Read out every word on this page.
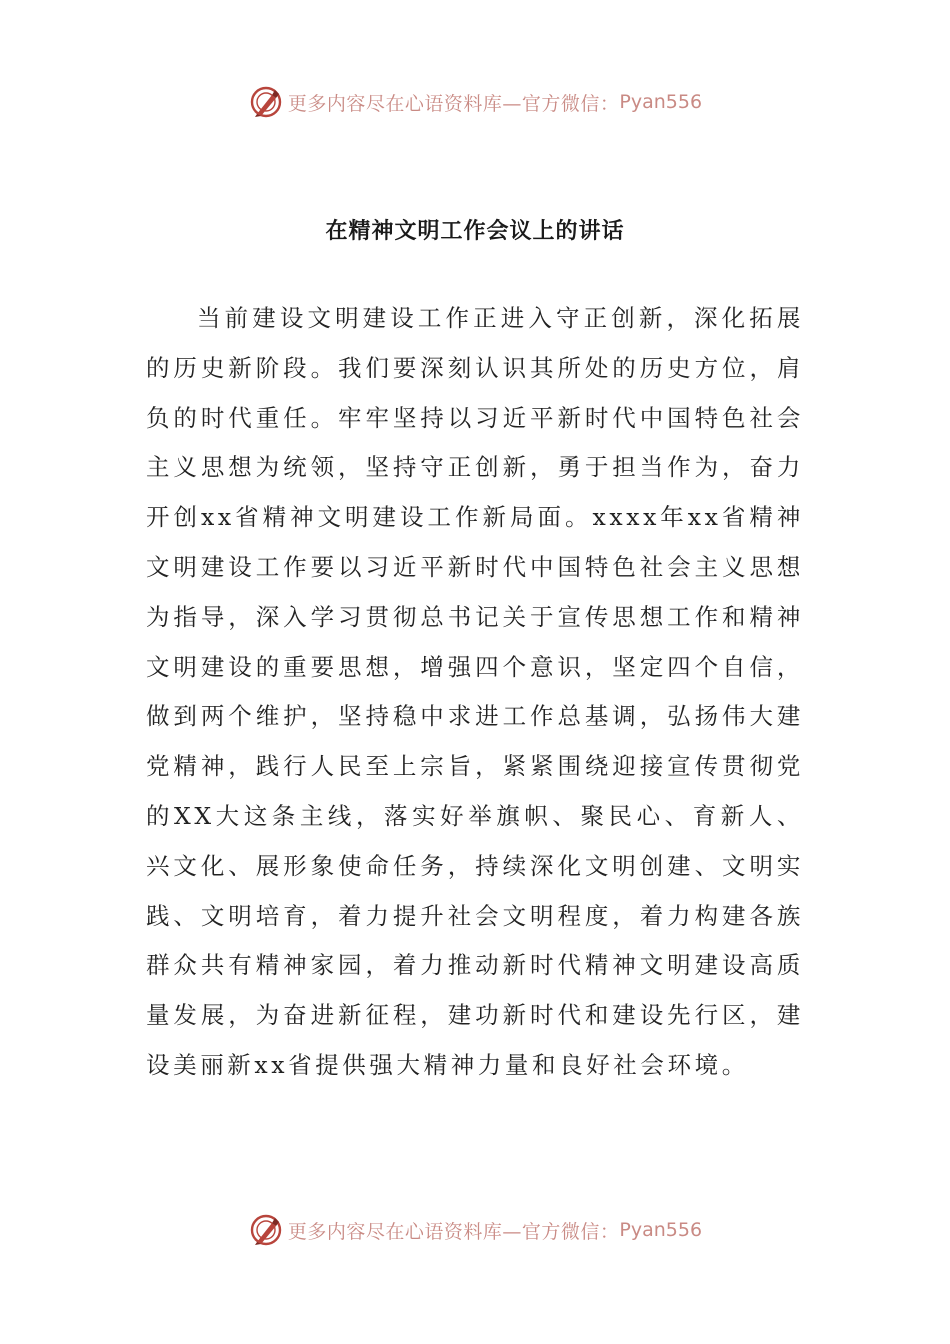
更多内容尽在心语资料库—官方微信： Pyan556
在精神文明工作会议上的讲话

当前建设文明建设工作正进入守正创新，深化拓展的历史新阶段。我们要深刻认识其所处的历史方位，肩负的时代重任。牢牢坚持以习近平新时代中国特色社会主义思想为统领，坚持守正创新，勇于担当作为，奋力开创xx省精神文明建设工作新局面。xxxx年xx省精神文明建设工作要以习近平新时代中国特色社会主义思想为指导，深入学习贯彻总书记关于宣传思想工作和精神文明建设的重要思想，增强四个意识，坚定四个自信，做到两个维护，坚持稳中求进工作总基调，弘扬伟大建党精神，践行人民至上宗旨，紧紧围绕迎接宣传贯彻党的XX大这条主线，落实好举旗帜、聚民心、育新人、兴文化、展形象使命任务，持续深化文明创建、文明实践、文明培育，着力提升社会文明程度，着力构建各族群众共有精神家园，着力推动新时代精神文明建设高质量发展，为奋进新征程，建功新时代和建设先行区，建设美丽新xx省提供强大精神力量和良好社会环境。

更多内容尽在心语资料库—官方微信： Pyan556
